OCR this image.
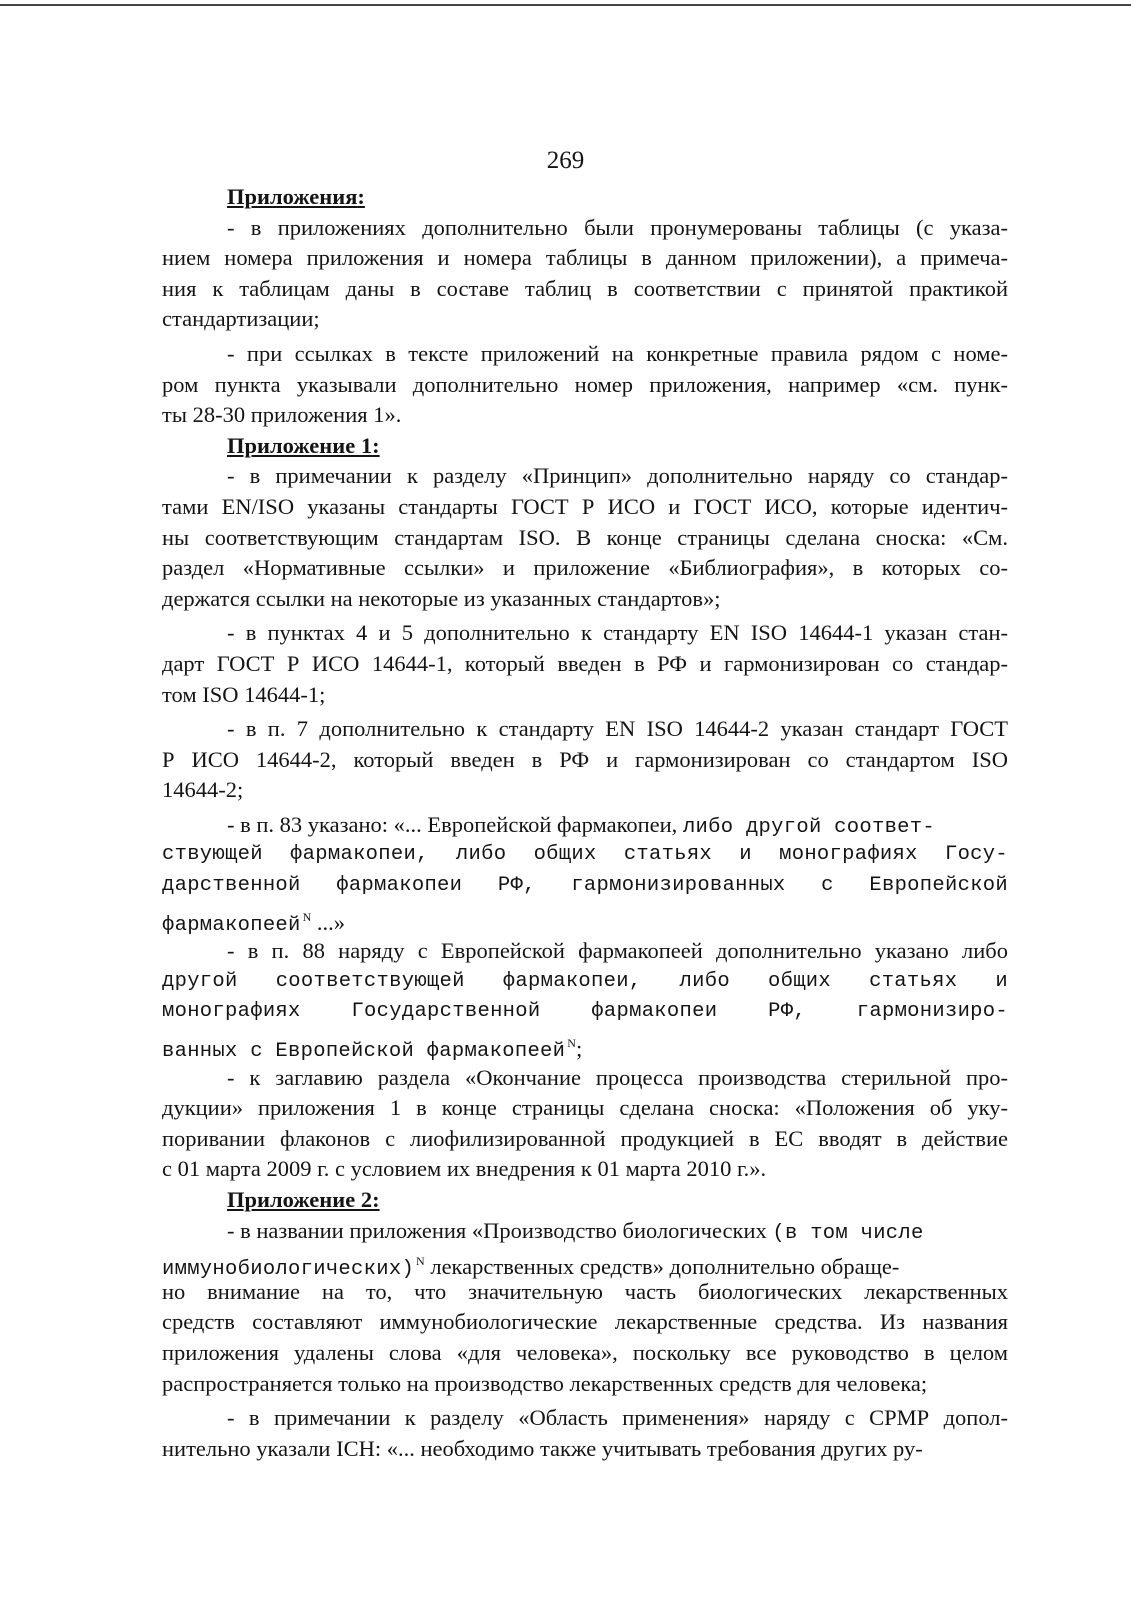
269
Приложения:
- в приложениях дополнительно были пронумерованы таблицы (с указа-
нием номера приложения и номера таблицы в данном приложении), а примеча-
ния к таблицам даны в составе таблиц в соответствии с принятой практикой
стандартизации;
- при ссылках в тексте приложений на конкретные правила рядом с номе-
ром пункта указывали дополнительно номер приложения, например «см. пунк-
ты 28-30 приложения 1».
Приложение 1:
- в примечании к разделу «Принцип» дополнительно наряду со стандар-
тами EN/ISO указаны стандарты ГОСТ Р ИСО и ГОСТ ИСО, которые идентич-
ны соответствующим стандартам ISO. В конце страницы сделана сноска: «См.
раздел «Нормативные ссылки» и приложение «Библиография», в которых со-
держатся ссылки на некоторые из указанных стандартов»;
- в пунктах 4 и 5 дополнительно к стандарту EN ISO 14644-1 указан стан-
дарт ГОСТ Р ИСО 14644-1, который введен в РФ и гармонизирован со стандар-
том ISO 14644-1;
- в п. 7 дополнительно к стандарту EN ISO 14644-2 указан стандарт ГОСТ
Р ИСО 14644-2, который введен в РФ и гармонизирован со стандартом ISO
14644-2;
- в п. 83 указано: «... Европейской фармакопеи, либо другой соответ-
ствующей фармакопеи, либо общих статьях и монографиях Госу-
дарственной фармакопеи РФ, гармонизированных с Европейской
фармакопеей $^N$ ...»
- в п. 88 наряду с Европейской фармакопеей дополнительно указано либо
другой соответствующей фармакопеи, либо общих статьях и
монографиях Государственной фармакопеи РФ, гармонизиро-
ванных с Европейской фармакопеей $^N$;
- к заглавию раздела «Окончание процесса производства стерильной про-
дукции» приложения 1 в конце страницы сделана сноска: «Положения об уку-
поривании флаконов с лиофилизированной продукцией в ЕС вводят в действие
с 01 марта 2009 г. с условием их внедрения к 01 марта 2010 г.».
Приложение 2:
- в названии приложения «Производство биологических (в том числе
иммунобиологических) $^N$ лекарственных средств» дополнительно обраще-
но внимание на то, что значительную часть биологических лекарственных
средств составляют иммунобиологические лекарственные средства. Из названия
приложения удалены слова «для человека», поскольку все руководство в целом
распространяется только на производство лекарственных средств для человека;
- в примечании к разделу «Область применения» наряду с СРМР допол-
нительно указали ICH: «... необходимо также учитывать требования других ру-
